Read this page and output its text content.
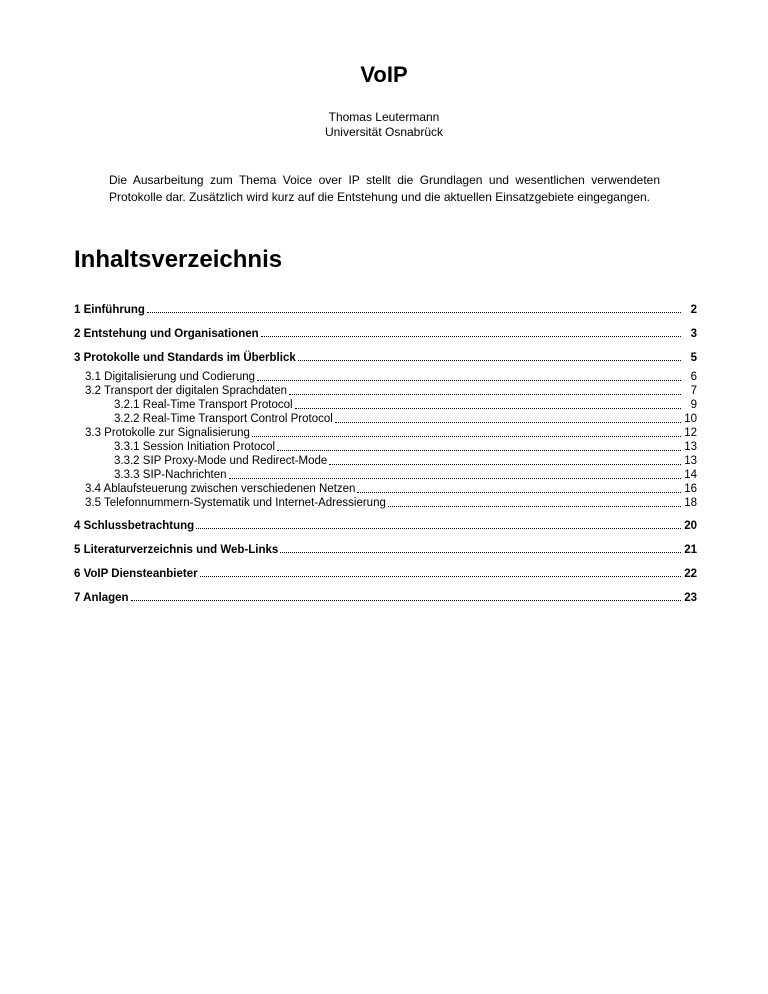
VoIP
Thomas Leutermann
Universität Osnabrück
Die Ausarbeitung zum Thema Voice over IP stellt die Grundlagen und wesentlichen verwendeten Protokolle dar. Zusätzlich wird kurz auf die Entstehung und die aktuellen Einsatzgebiete eingegangen.
Inhaltsverzeichnis
1 Einführung	2
2 Entstehung und Organisationen	3
3 Protokolle und Standards im Überblick	5
3.1 Digitalisierung und Codierung	6
3.2 Transport der digitalen Sprachdaten	7
3.2.1 Real-Time Transport Protocol	9
3.2.2 Real-Time Transport Control Protocol	10
3.3 Protokolle zur Signalisierung	12
3.3.1 Session Initiation Protocol	13
3.3.2 SIP Proxy-Mode und Redirect-Mode	13
3.3.3 SIP-Nachrichten	14
3.4 Ablaufsteuerung zwischen verschiedenen Netzen	16
3.5 Telefonnummern-Systematik und Internet-Adressierung	18
4 Schlussbetrachtung	20
5 Literaturverzeichnis und Web-Links	21
6 VoIP Diensteanbieter	22
7 Anlagen	23
